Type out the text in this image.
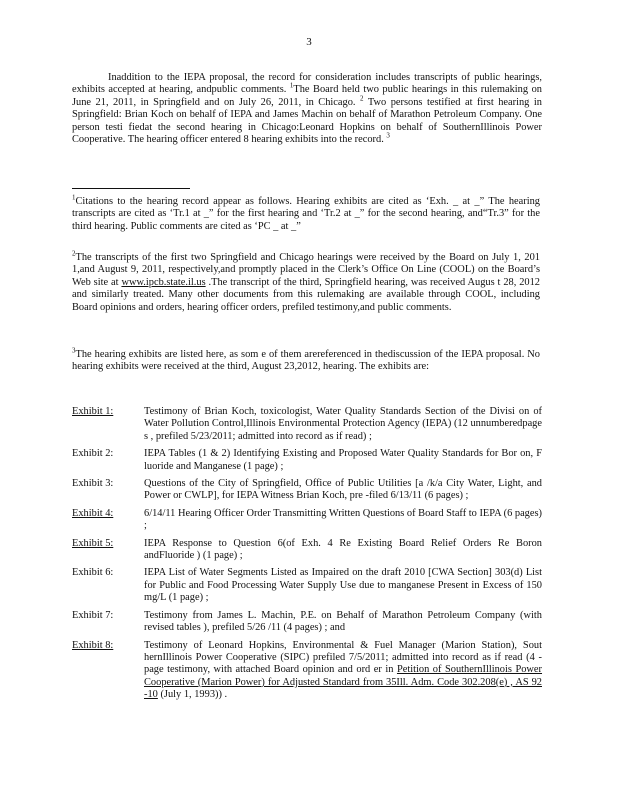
3
Inaddition to the IEPA proposal, the record for consideration includes transcripts of public hearings, exhibits accepted at hearing, andpublic comments. $^1$The Board held two public hearings in this rulemaking on June 21, 2011, in Springfield and on July 26, 2011, in Chicago. $^2$ Two persons testified at first hearing in Springfield: Brian Koch on behalf of IEPA and James Machin on behalf of Marathon Petroleum Company. One person testi fiedat the second hearing in Chicago:Leonard Hopkins on behalf of SouthernIllinois Power Cooperative. The hearing officer entered 8 hearing exhibits into the record. $^3$
$^1$Citations to the hearing record appear as follows. Hearing exhibits are cited as ‘Exh. _ at _” The hearing transcripts are cited as ‘Tr.1 at _” for the first hearing and ‘Tr.2 at _” for the second hearing, and“Tr.3” for the third hearing. Public comments are cited as ‘PC _ at _”
$^2$The transcripts of the first two Springfield and Chicago hearings were received by the Board on July 1, 201 1,and August 9, 2011, respectively,and promptly placed in the Clerk’s Office On Line (COOL) on the Board’s Web site at www.ipcb.state.il.us .The transcript of the third, Springfield hearing, was received Augus t 28, 2012 and similarly treated. Many other documents from this rulemaking are available through COOL, including Board opinions and orders, hearing officer orders, prefiled testimony,and public comments.
$^3$The hearing exhibits are listed here, as som e of them arereferenced in thediscussion of the IEPA proposal. No hearing exhibits were received at the third, August 23,2012, hearing. The exhibits are:
Exhibit 1:	Testimony of Brian Koch, toxicologist, Water Quality Standards Section of the Divisi on of Water Pollution Control,Illinois Environmental Protection Agency (IEPA) (12 unnumberedpage s , prefiled 5/23/2011; admitted into record as if read) ;
Exhibit 2:	IEPA Tables (1 & 2) Identifying Existing and Proposed Water Quality Standards for Bor on, F luoride and Manganese (1 page) ;
Exhibit 3:	Questions of the City of Springfield, Office of Public Utilities [a /k/a City Water, Light, and Power or CWLP], for IEPA Witness Brian Koch, pre -filed 6/13/11 (6 pages) ;
Exhibit 4:	6/14/11 Hearing Officer Order Transmitting Written Questions of Board Staff to IEPA (6 pages) ;
Exhibit 5:	IEPA Response to Question 6(of Exh. 4 Re Existing Board Relief Orders Re Boron andFluoride ) (1 page) ;
Exhibit 6:	IEPA List of Water Segments Listed as Impaired on the draft 2010 [CWA Section] 303(d) List for Public and Food Processing Water Supply Use due to manganese Present in Excess of 150 mg/L (1 page) ;
Exhibit 7:	Testimony from James L. Machin, P.E. on Behalf of Marathon Petroleum Company (with revised tables ), prefiled 5/26 /11 (4 pages) ; and
Exhibit 8:	Testimony of Leonard Hopkins, Environmental & Fuel Manager (Marion Station), Sout hernIllinois Power Cooperative (SIPC) prefiled 7/5/2011; admitted into record as if read (4 -page testimony, with attached Board opinion and ord er in Petition of SouthernIllinois Power Cooperative (Marion Power) for Adjusted Standard from 35Ill. Adm. Code 302.208(e) , AS 92 -10 (July 1, 1993)) .
